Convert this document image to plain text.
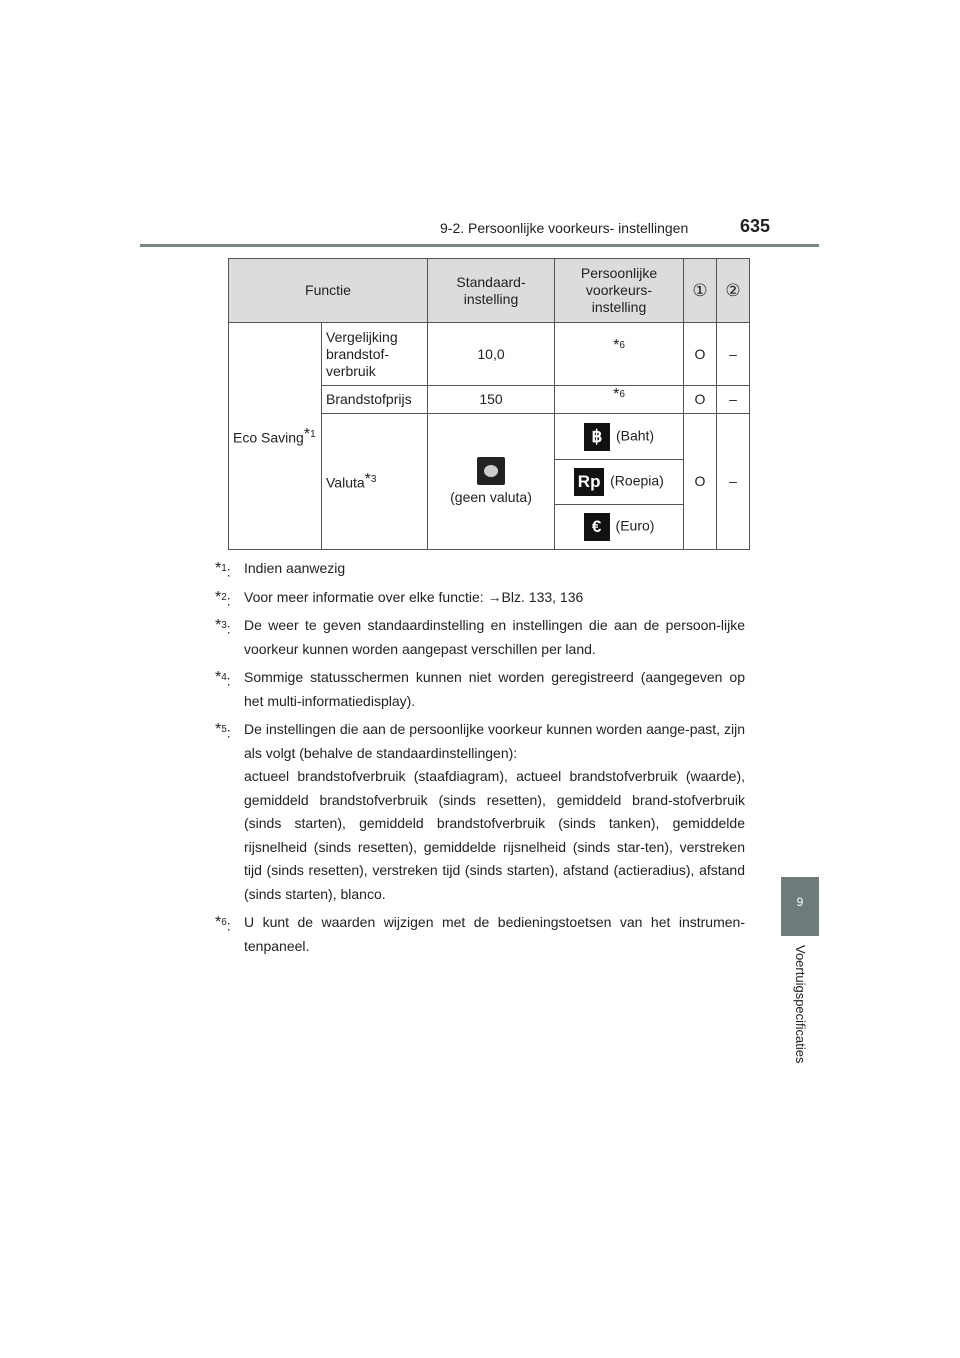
9-2. Persoonlijke voorkeurs- instellingen	635
Functie		Standaard-instelling	Persoonlijke voorkeurs-instelling	①	②
Eco Saving$^{*1}$	Vergelijking brandstof-verbruik	10,0	*$^6$	O	–
	Brandstofprijs	150	*$^6$	O	–
	Valuta$^{*3}$	(geen valuta)	฿ (Baht)	O	–
			Rp (Roepia)		
			€ (Euro)		
*$^1$: Indien aanwezig
*$^2$: Voor meer informatie over elke functie: →Blz. 133, 136
*$^3$: De weer te geven standaardinstelling en instellingen die aan de persoon-lijke voorkeur kunnen worden aangepast verschillen per land.
*$^4$: Sommige statusschermen kunnen niet worden geregistreerd (aangegeven op het multi-informatiedisplay).
*$^5$: De instellingen die aan de persoonlijke voorkeur kunnen worden aange-past, zijn als volgt (behalve de standaardinstellingen):
actueel brandstofverbruik (staafdiagram), actueel brandstofverbruik (waarde), gemiddeld brandstofverbruik (sinds resetten), gemiddeld brand-stofverbruik (sinds starten), gemiddeld brandstofverbruik (sinds tanken), gemiddelde rijsnelheid (sinds resetten), gemiddelde rijsnelheid (sinds star-ten), verstreken tijd (sinds resetten), verstreken tijd (sinds starten), afstand (actieradius), afstand (sinds starten), blanco.
*$^6$: U kunt de waarden wijzigen met de bedieningstoetsen van het instrumen-tenpaneel.
9
Voertuigspecificaties
